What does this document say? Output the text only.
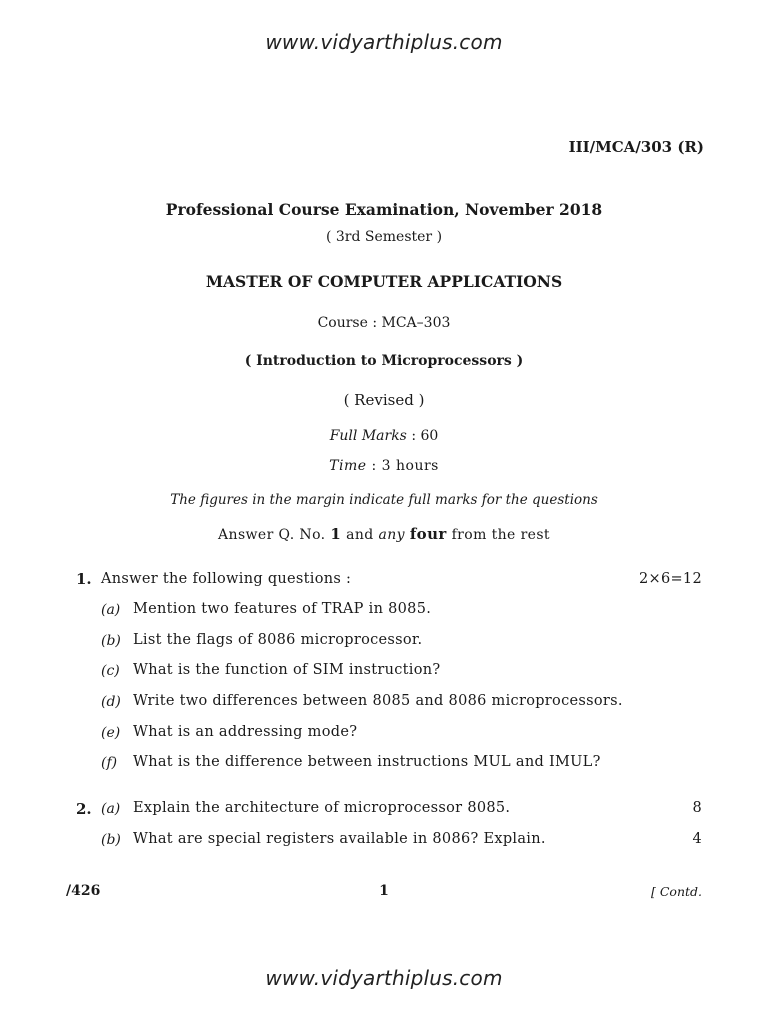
www.vidyarthiplus.com
III/MCA/303 (R)
Professional Course Examination, November 2018
( 3rd Semester )
MASTER OF COMPUTER APPLICATIONS
Course : MCA–303
( Introduction to Microprocessors )
( Revised )
Full Marks : 60
Time : 3 hours
The figures in the margin indicate full marks for the questions
Answer Q. No. 1 and any four from the rest
1. Answer the following questions :	2×6=12
(a) Mention two features of TRAP in 8085.
(b) List the flags of 8086 microprocessor.
(c) What is the function of SIM instruction?
(d) Write two differences between 8085 and 8086 microprocessors.
(e) What is an addressing mode?
(f) What is the difference between instructions MUL and IMUL?
2. (a) Explain the architecture of microprocessor 8085.	8
(b) What are special registers available in 8086? Explain.	4
/426	1	[ Contd.
www.vidyarthiplus.com
